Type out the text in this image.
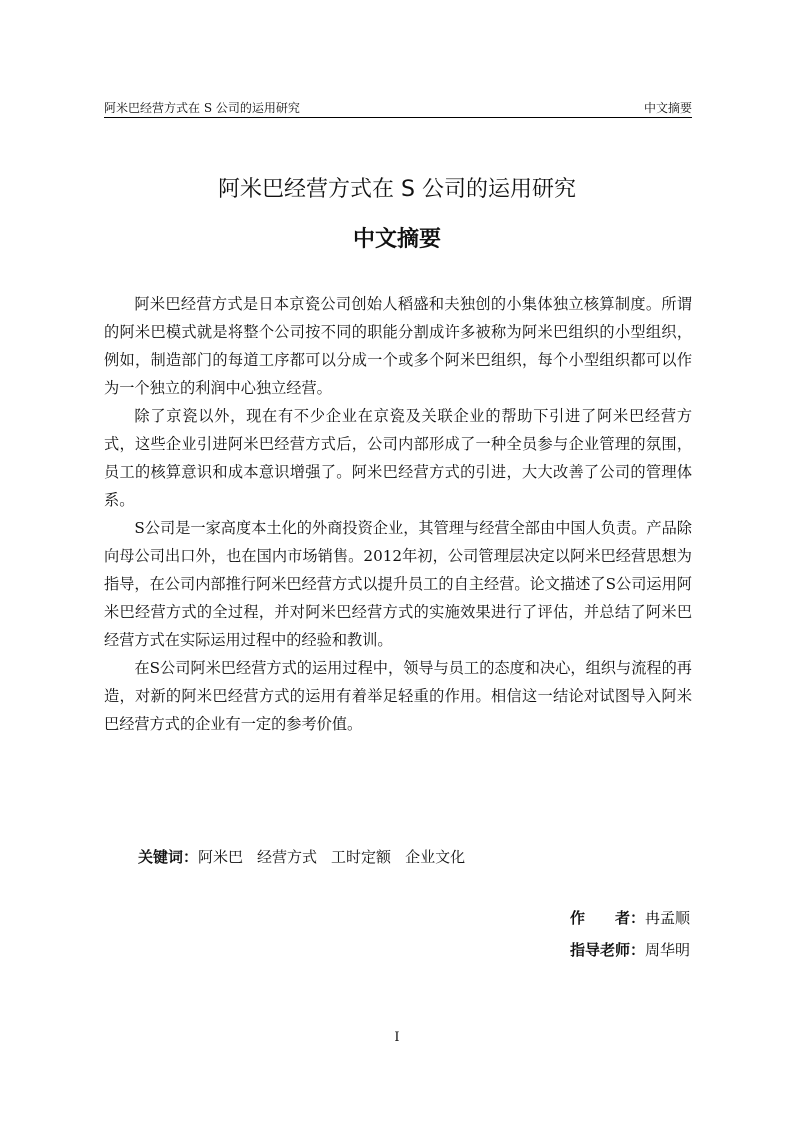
阿米巴经营方式在 S 公司的运用研究	中文摘要
阿米巴经营方式在 S 公司的运用研究
中文摘要

阿米巴经营方式是日本京瓷公司创始人稻盛和夫独创的小集体独立核算制度。所谓的阿米巴模式就是将整个公司按不同的职能分割成许多被称为阿米巴组织的小型组织，例如，制造部门的每道工序都可以分成一个或多个阿米巴组织，每个小型组织都可以作为一个独立的利润中心独立经营。

除了京瓷以外，现在有不少企业在京瓷及关联企业的帮助下引进了阿米巴经营方式，这些企业引进阿米巴经营方式后，公司内部形成了一种全员参与企业管理的氛围，员工的核算意识和成本意识增强了。阿米巴经营方式的引进，大大改善了公司的管理体系。

S公司是一家高度本土化的外商投资企业，其管理与经营全部由中国人负责。产品除向母公司出口外，也在国内市场销售。2012年初，公司管理层决定以阿米巴经营思想为指导，在公司内部推行阿米巴经营方式以提升员工的自主经营。论文描述了S公司运用阿米巴经营方式的全过程，并对阿米巴经营方式的实施效果进行了评估，并总结了阿米巴经营方式在实际运用过程中的经验和教训。

在S公司阿米巴经营方式的运用过程中，领导与员工的态度和决心，组织与流程的再造，对新的阿米巴经营方式的运用有着举足轻重的作用。相信这一结论对试图导入阿米巴经营方式的企业有一定的参考价值。

关键词：阿米巴 经营方式 工时定额 企业文化
作　　者：冉孟顺
指导老师：周华明
I
